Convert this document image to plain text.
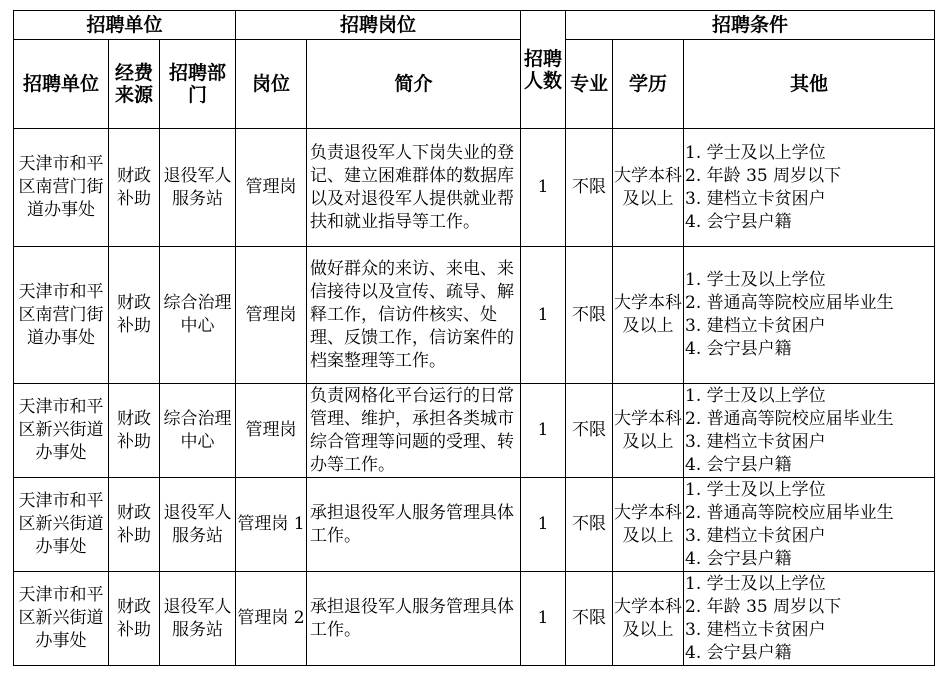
招聘单位			招聘岗位		招聘人数	招聘条件		
招聘单位	经费来源	招聘部门	岗位	简介		专业	学历	其他
天津市和平区南营门街道办事处	财政补助	退役军人服务站	管理岗	负责退役军人下岗失业的登记、建立困难群体的数据库以及对退役军人提供就业帮扶和就业指导等工作。	1	不限	大学本科及以上	1. 学士及以上学位
2. 年龄 35 周岁以下
3. 建档立卡贫困户
4. 会宁县户籍

天津市和平区南营门街道办事处	财政补助	综合治理中心	管理岗	做好群众的来访、来电、来信接待以及宣传、疏导、解释工作，信访件核实、处理、反馈工作，信访案件的档案整理等工作。	1	不限	大学本科及以上	1. 学士及以上学位
2. 普通高等院校应届毕业生
3. 建档立卡贫困户
4. 会宁县户籍

天津市和平区新兴街道办事处	财政补助	综合治理中心	管理岗	负责网格化平台运行的日常管理、维护，承担各类城市综合管理等问题的受理、转办等工作。	1	不限	大学本科及以上	1. 学士及以上学位
2. 普通高等院校应届毕业生
3. 建档立卡贫困户
4. 会宁县户籍

天津市和平区新兴街道办事处	财政补助	退役军人服务站	管理岗 1	承担退役军人服务管理具体工作。	1	不限	大学本科及以上	1. 学士及以上学位
2. 普通高等院校应届毕业生
3. 建档立卡贫困户
4. 会宁县户籍

天津市和平区新兴街道办事处	财政补助	退役军人服务站	管理岗 2	承担退役军人服务管理具体工作。	1	不限	大学本科及以上	1. 学士及以上学位
2. 年龄 35 周岁以下
3. 建档立卡贫困户
4. 会宁县户籍
